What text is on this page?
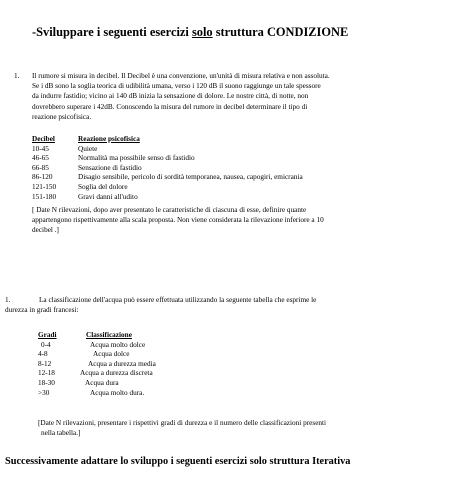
-Sviluppare i seguenti esercizi solo struttura CONDIZIONE
1. Il rumore si misura in decibel. Il Decibel è una convenzione, un'unità di misura relativa e non assoluta.
Se i dB sono la soglia teorica di udibilità umana, verso i 120 dB il suono raggiunge un tale spessore
da indurre fastidio; vicino ai 140 dB inizia la sensazione di dolore. Le nostre città, di notte, non
dovrebbero superare i 42dB. Conoscendo la misura del rumore in decibel determinare il tipo di
reazione psicofisica.
Decibel	Reazione psicofisica
10-45	Quiete
46-65	Normalità ma possibile senso di fastidio
66-85	Sensazione di fastidio
86-120	Disagio sensibile, pericolo di sordità temporanea, nausea, capogiri, emicrania
121-150	Soglia del dolore
151-180	Gravi danni all'udito
[ Date N rilevazioni, dopo aver presentato le caratteristiche di ciascuna di esse, definire quante
appartengono rispettivamente alla scala proposta. Non viene considerata la rilevazione inferiore a 10
decibel .]
1.	La classificazione dell'acqua può essere effettuata utilizzando la seguente tabella che esprime le
durezza in gradi francesi:
Gradi	Classificazione
0-4	Acqua molto dolce
4-8	Acqua dolce
8-12	Acqua a durezza media
12-18	Acqua a durezza discreta
18-30	Acqua dura
>30	Acqua molto dura.
[Date N rilevazioni, presentare i rispettivi gradi di durezza e il numero delle classificazioni presenti
nella tabella.]
Successivamente adattare lo sviluppo i seguenti esercizi solo struttura Iterativa
